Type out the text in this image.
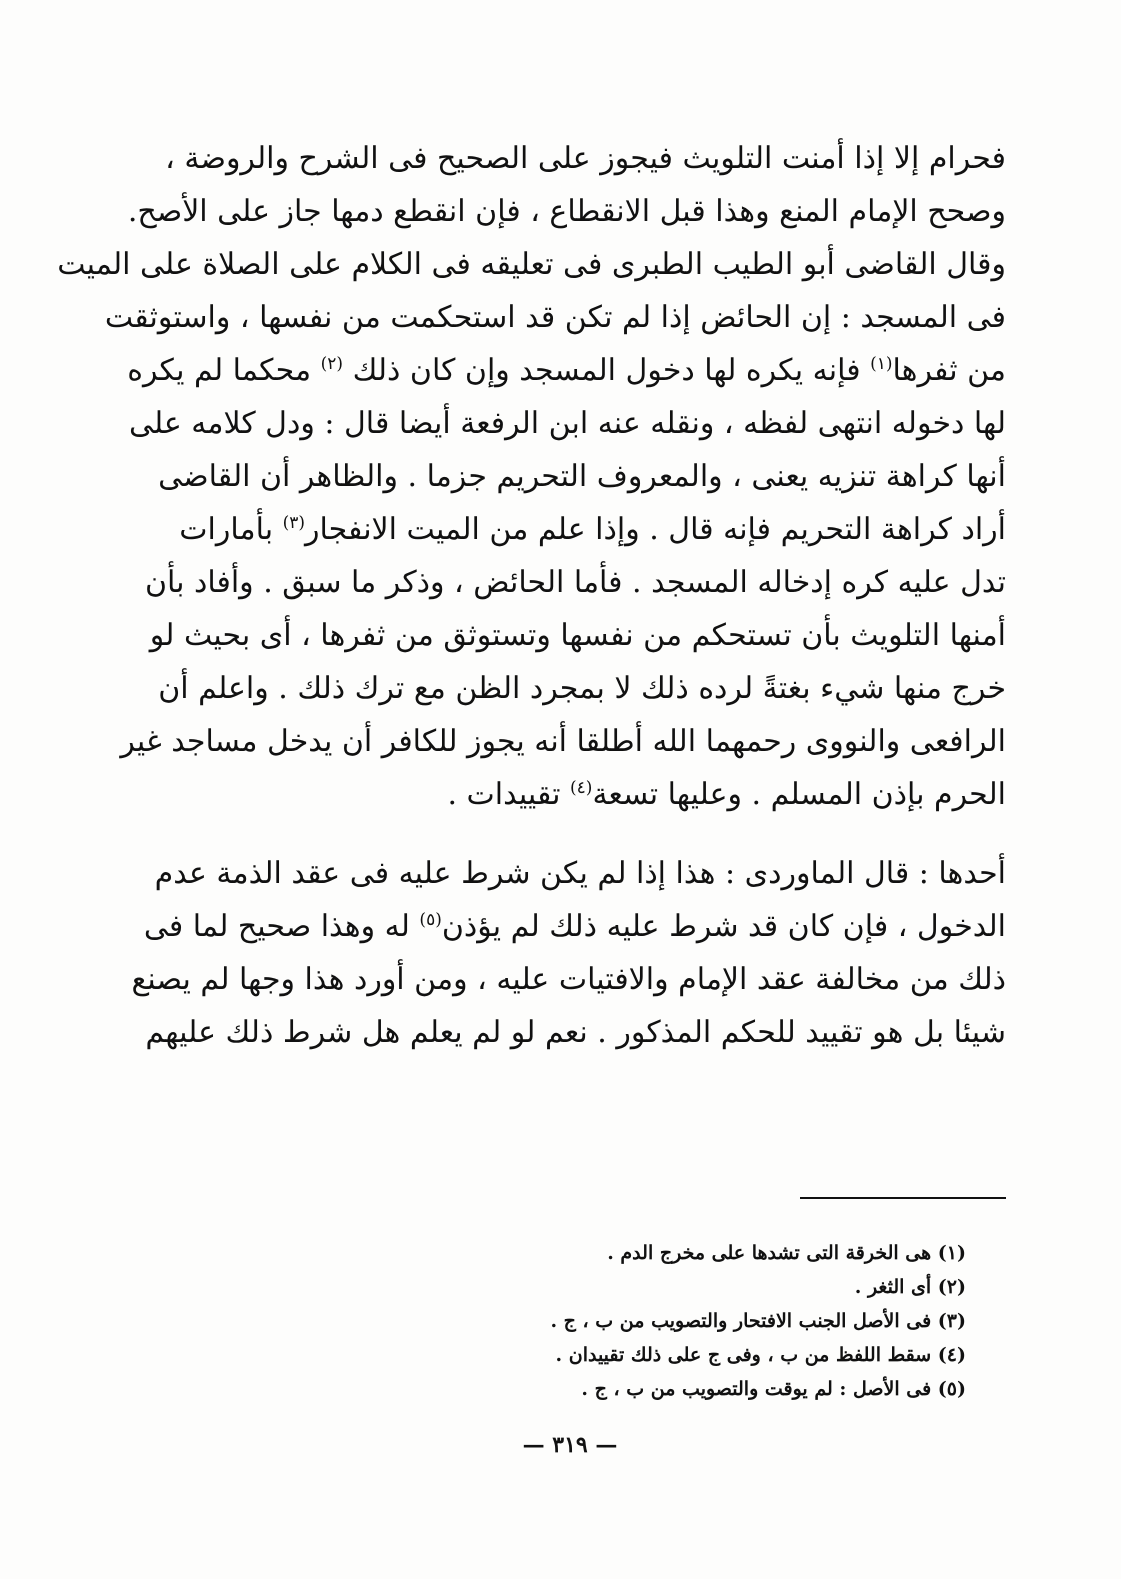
فحرام إلا إذا أمنت التلويث فيجوز على الصحيح فى الشرح والروضة ،
وصحح الإمام المنع وهذا قبل الانقطاع ، فإن انقطع دمها جاز على الأصح.
وقال القاضى أبو الطيب الطبرى فى تعليقه فى الكلام على الصلاة على الميت
فى المسجد : إن الحائض إذا لم تكن قد استحكمت من نفسها ، واستوثقت
من ثفرها$^{(١)}$ فإنه يكره لها دخول المسجد وإن كان ذلك $^{(٢)}$ محكما لم يكره
لها دخوله انتهى لفظه ، ونقله عنه ابن الرفعة أيضا قال : ودل كلامه على
أنها كراهة تنزيه يعنى ، والمعروف التحريم جزما . والظاهر أن القاضى
أراد كراهة التحريم فإنه قال . وإذا علم من الميت الانفجار$^{(٣)}$ بأمارات
تدل عليه كره إدخاله المسجد . فأما الحائض ، وذكر ما سبق . وأفاد بأن
أمنها التلويث بأن تستحكم من نفسها وتستوثق من ثفرها ، أى بحيث لو
خرج منها شيء بغتةً لرده ذلك لا بمجرد الظن مع ترك ذلك . واعلم أن
الرافعى والنووى رحمهما الله أطلقا أنه يجوز للكافر أن يدخل مساجد غير
الحرم بإذن المسلم . وعليها تسعة$^{(٤)}$ تقييدات .
أحدها : قال الماوردى : هذا إذا لم يكن شرط عليه فى عقد الذمة عدم
الدخول ، فإن كان قد شرط عليه ذلك لم يؤذن$^{(٥)}$ له وهذا صحيح لما فى
ذلك من مخالفة عقد الإمام والافتيات عليه ، ومن أورد هذا وجها لم يصنع
شيئا بل هو تقييد للحكم المذكور . نعم لو لم يعلم هل شرط ذلك عليهم
(١) هى الخرقة التى تشدها على مخرج الدم .
(٢) أى الثغر .
(٣) فى الأصل الجنب الافتحار والتصويب من ب ، ج .
(٤) سقط اللفظ من ب ، وفى ج على ذلك تقييدان .
(٥) فى الأصل : لم يوقت والتصويب من ب ، ج .
— ٣١٩ —
